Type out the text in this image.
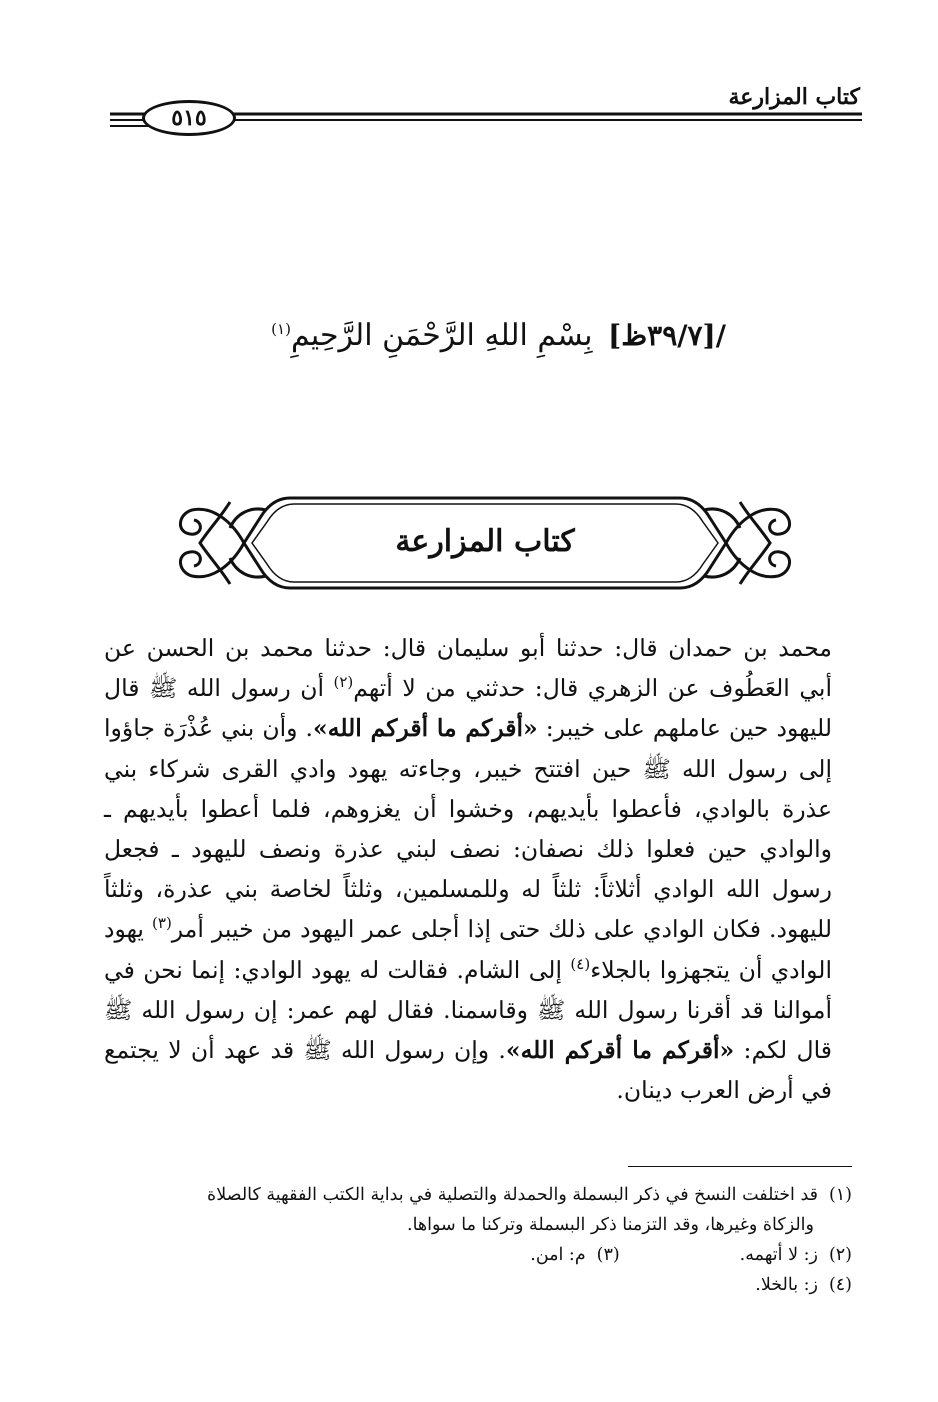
كتاب المزارعة
٥١٥
/[٣٩/٧ظ] بِسْمِ اللهِ الرَّحْمَنِ الرَّحِيمِ$^{(١)}$
كتاب المزارعة
محمد بن حمدان قال: حدثنا أبو سليمان قال: حدثنا محمد بن الحسن عن أبي العَطُوف عن الزهري قال: حدثني من لا أتهم$^{(٢)}$ أن رسول الله ﷺ قال لليهود حين عاملهم على خيبر: «أقركم ما أقركم الله». وأن بني عُذْرَة جاؤوا إلى رسول الله ﷺ حين افتتح خيبر، وجاءته يهود وادي القرى شركاء بني عذرة بالوادي، فأعطوا بأيديهم، وخشوا أن يغزوهم، فلما أعطوا بأيديهم ـ والوادي حين فعلوا ذلك نصفان: نصف لبني عذرة ونصف لليهود ـ فجعل رسول الله الوادي أثلاثاً: ثلثاً له وللمسلمين، وثلثاً لخاصة بني عذرة، وثلثاً لليهود. فكان الوادي على ذلك حتى إذا أجلى عمر اليهود من خيبر أمر$^{(٣)}$ يهود الوادي أن يتجهزوا بالجلاء$^{(٤)}$ إلى الشام. فقالت له يهود الوادي: إنما نحن في أموالنا قد أقرنا رسول الله ﷺ وقاسمنا. فقال لهم عمر: إن رسول الله ﷺ قال لكم: «أقركم ما أقركم الله». وإن رسول الله ﷺ قد عهد أن لا يجتمع في أرض العرب دينان.
(١)قد اختلفت النسخ في ذكر البسملة والحمدلة والتصلية في بداية الكتب الفقهية كالصلاة
والزكاة وغيرها، وقد التزمنا ذكر البسملة وتركنا ما سواها.
(٢)ز: لا أتهمه.
(٣)م: امن.
(٤)ز: بالخلا.
